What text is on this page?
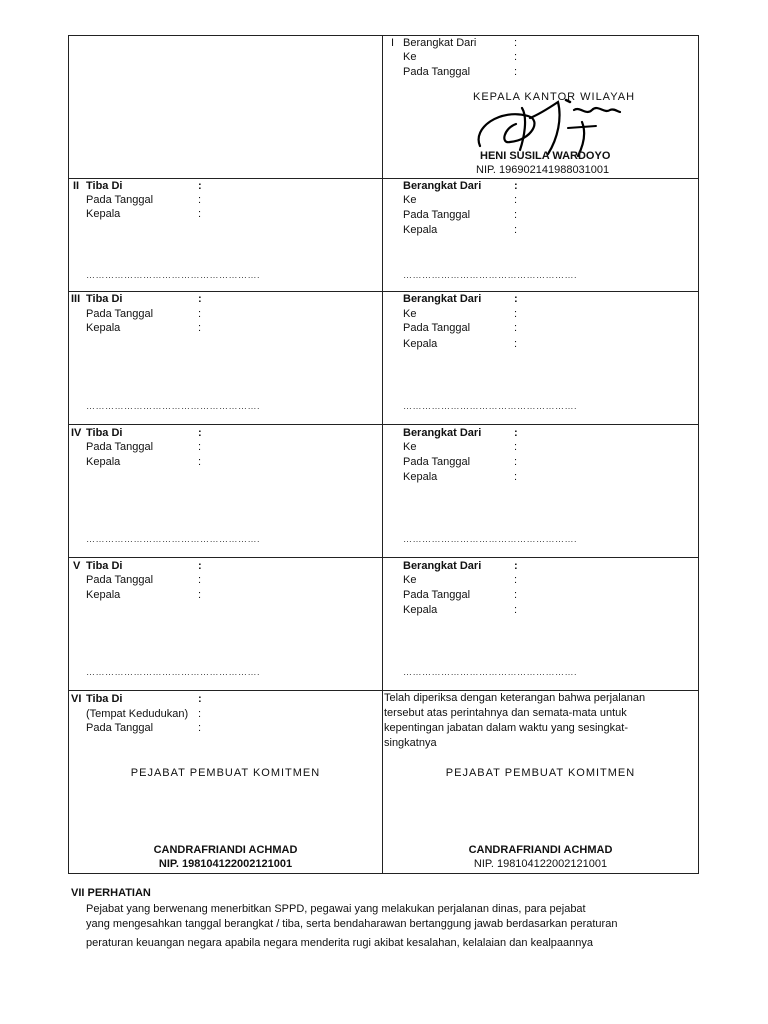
I Berangkat Dari	:
Ke	:
Pada Tanggal	:
KEPALA KANTOR WILAYAH
HENI SUSILA WARDOYO
NIP. 196902141988031001
II Tiba Di	:
Pada Tanggal	:
Kepala	:
Berangkat Dari	:
Ke	:
Pada Tanggal	:
Kepala	:
……………………………………………….	……………………………………………….
III Tiba Di	:
Pada Tanggal	:
Kepala	:
Berangkat Dari	:
Ke	:
Pada Tanggal	:
Kepala	:
……………………………………………….	……………………………………………….
IV Tiba Di	:
Pada Tanggal	:
Kepala	:
Berangkat Dari	:
Ke	:
Pada Tanggal	:
Kepala	:
……………………………………………….	……………………………………………….
V Tiba Di	:
Pada Tanggal	:
Kepala	:
Berangkat Dari	:
Ke	:
Pada Tanggal	:
Kepala	:
……………………………………………….	……………………………………………….
VI Tiba Di	:
(Tempat Kedudukan) :
Pada Tanggal	:
Telah diperiksa dengan keterangan bahwa perjalanan
tersebut atas perintahnya dan semata-mata untuk
kepentingan jabatan dalam waktu yang sesingkat-
singkatnya
PEJABAT PEMBUAT KOMITMEN
CANDRAFRIANDI ACHMAD
NIP. 198104122002121001
PEJABAT PEMBUAT KOMITMEN
CANDRAFRIANDI ACHMAD
NIP. 198104122002121001
VII PERHATIAN
Pejabat yang berwenang menerbitkan SPPD, pegawai yang melakukan perjalanan dinas, para pejabat
yang mengesahkan tanggal berangkat / tiba, serta bendaharawan bertanggung jawab berdasarkan peraturan
peraturan keuangan negara apabila negara menderita rugi akibat kesalahan, kelalaian dan kealpaannya
